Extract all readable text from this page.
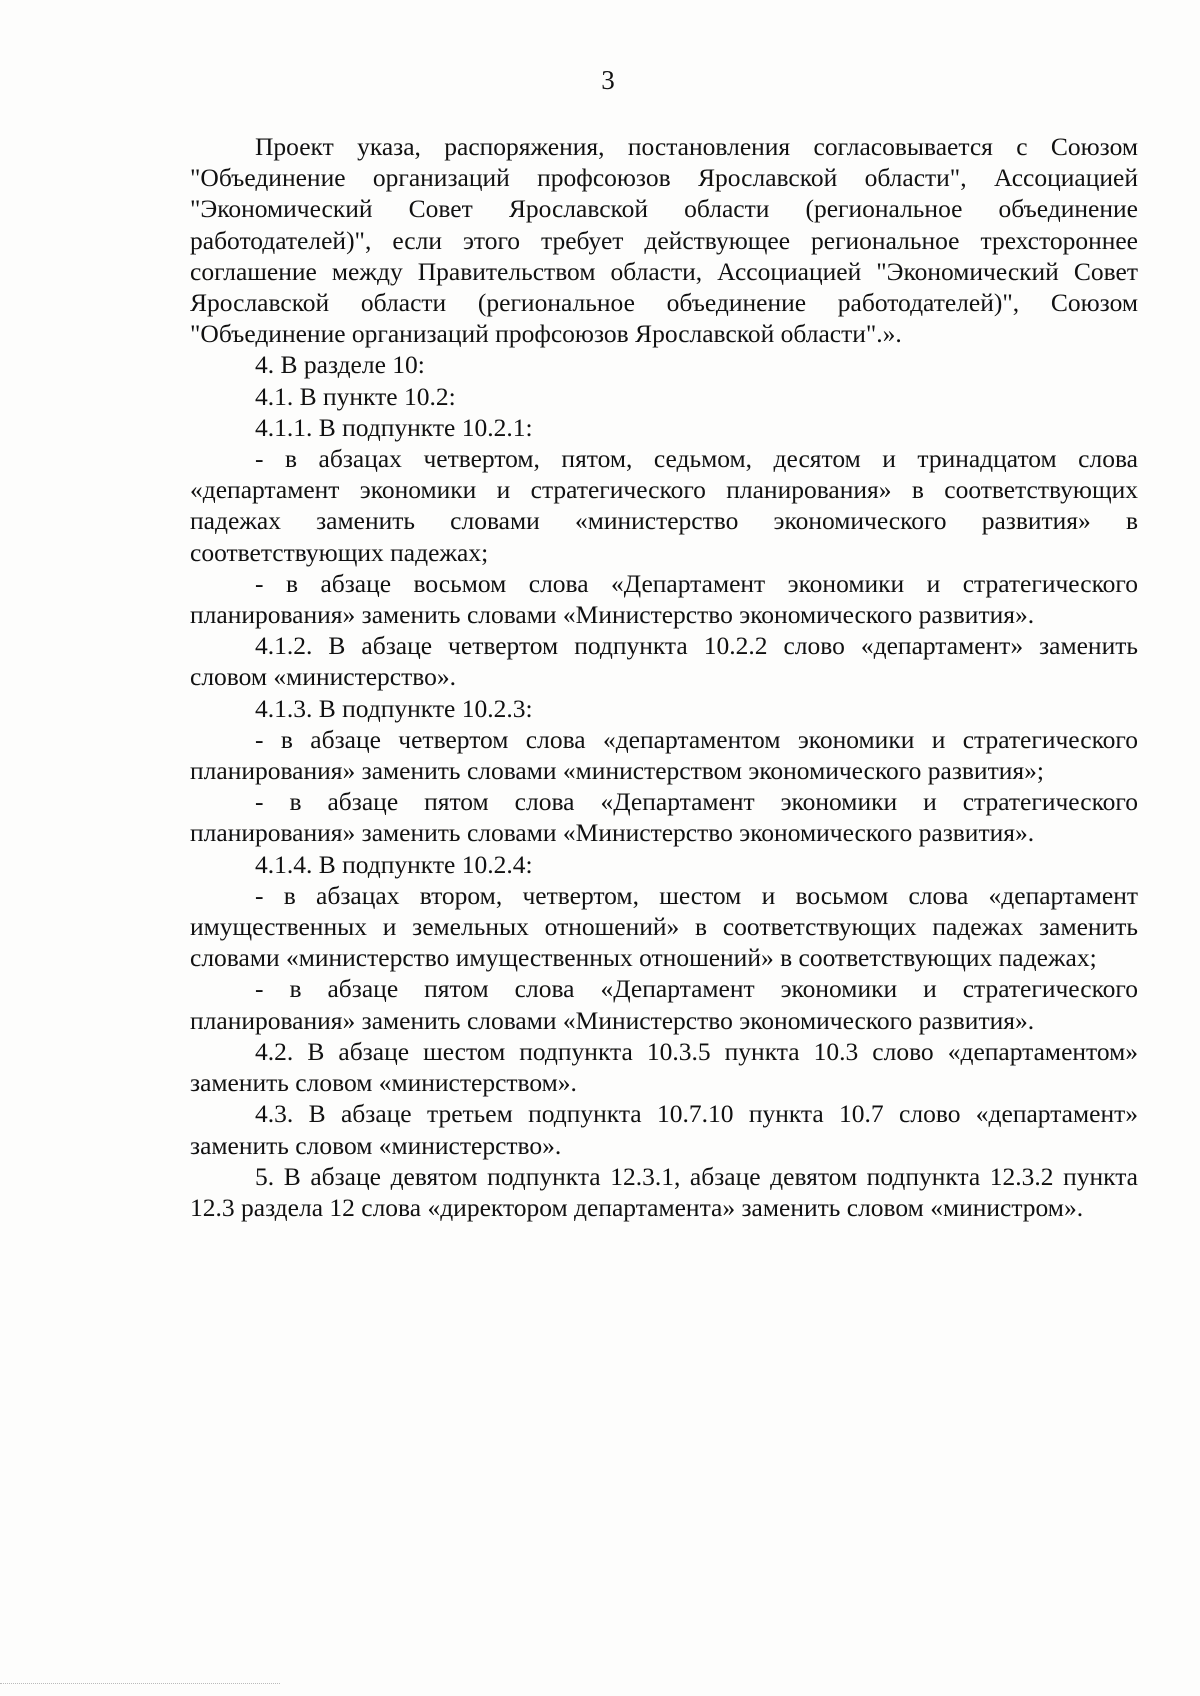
3

Проект указа, распоряжения, постановления согласовывается с Союзом "Объединение организаций профсоюзов Ярославской области", Ассоциацией "Экономический Совет Ярославской области (региональное объединение работодателей)", если этого требует действующее региональное трехстороннее соглашение между Правительством области, Ассоциацией "Экономический Совет Ярославской области (региональное объединение работодателей)", Союзом "Объединение организаций профсоюзов Ярославской области".».

4. В разделе 10:

4.1. В пункте 10.2:

4.1.1. В подпункте 10.2.1:

- в абзацах четвертом, пятом, седьмом, десятом и тринадцатом слова «департамент экономики и стратегического планирования» в соответствующих падежах заменить словами «министерство экономического развития» в соответствующих падежах;

- в абзаце восьмом слова «Департамент экономики и стратегического планирования» заменить словами «Министерство экономического развития».

4.1.2. В абзаце четвертом подпункта 10.2.2 слово «департамент» заменить словом «министерство».

4.1.3. В подпункте 10.2.3:

- в абзаце четвертом слова «департаментом экономики и стратегического планирования» заменить словами «министерством экономического развития»;

- в абзаце пятом слова «Департамент экономики и стратегического планирования» заменить словами «Министерство экономического развития».

4.1.4. В подпункте 10.2.4:

- в абзацах втором, четвертом, шестом и восьмом слова «департамент имущественных и земельных отношений» в соответствующих падежах заменить словами «министерство имущественных отношений» в соответствующих падежах;

- в абзаце пятом слова «Департамент экономики и стратегического планирования» заменить словами «Министерство экономического развития».

4.2. В абзаце шестом подпункта 10.3.5 пункта 10.3 слово «департаментом» заменить словом «министерством».

4.3. В абзаце третьем подпункта 10.7.10 пункта 10.7 слово «департамент» заменить словом «министерство».

5. В абзаце девятом подпункта 12.3.1, абзаце девятом подпункта 12.3.2 пункта 12.3 раздела 12 слова «директором департамента» заменить словом «министром».
